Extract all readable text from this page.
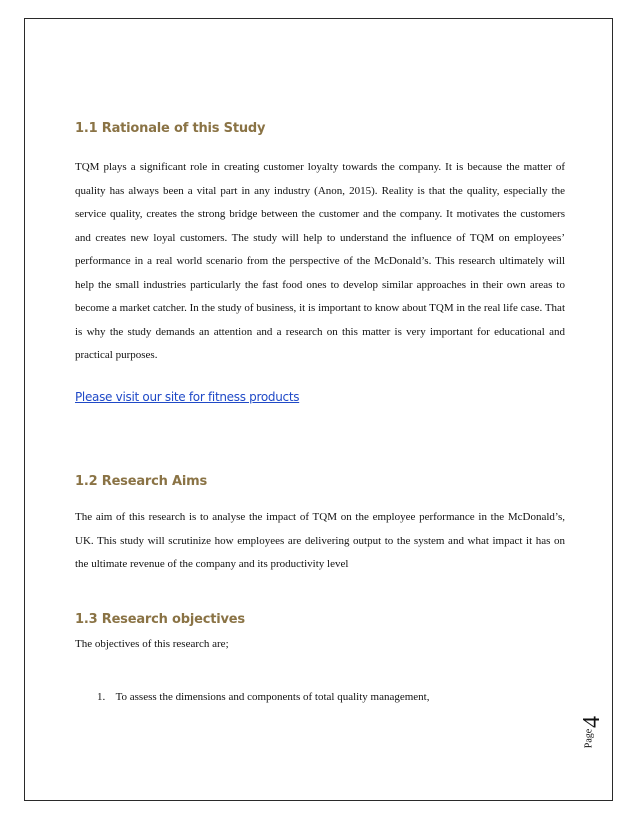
1.1 Rationale of this Study

TQM plays a significant role in creating customer loyalty towards the company. It is because the matter of quality has always been a vital part in any industry (Anon, 2015). Reality is that the quality, especially the service quality, creates the strong bridge between the customer and the company. It motivates the customers and creates new loyal customers. The study will help to understand the influence of TQM on employees’ performance in a real world scenario from the perspective of the McDonald’s. This research ultimately will help the small industries particularly the fast food ones to develop similar approaches in their own areas to become a market catcher. In the study of business, it is important to know about TQM in the real life case. That is why the study demands an attention and a research on this matter is very important for educational and practical purposes.

Please visit our site for fitness products
1.2 Research Aims

The aim of this research is to analyse the impact of TQM on the employee performance in the McDonald’s, UK. This study will scrutinize how employees are delivering output to the system and what impact it has on the ultimate revenue of the company and its productivity level

1.3 Research objectives

The objectives of this research are;

1. To assess the dimensions and components of total quality management,
Page
4
